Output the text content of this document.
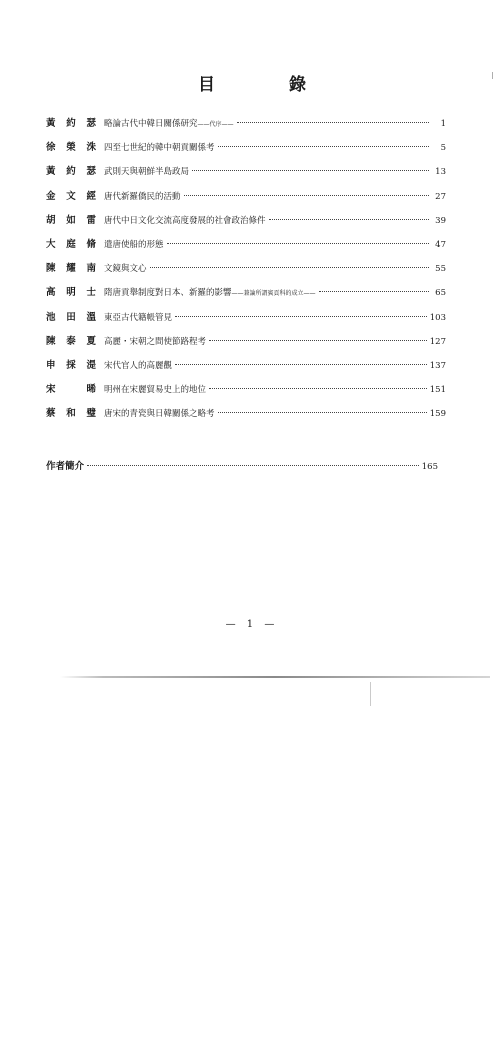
目 錄
黃 約 瑟 略論古代中韓日關係研究——代序——	1
徐 榮 洙 四至七世紀的韓中朝貢關係考	5
黃 約 瑟 武則天與朝鮮半島政局	13
金 文 經 唐代新羅僑民的活動	27
胡 如 雷 唐代中日文化交流高度發展的社會政治條件	39
大 庭 脩 遣唐使船的形態	47
陳 耀 南 文鏡與文心	55
高 明 士 隋唐貢舉制度對日本、新羅的影響——兼論所謂賓貢科的成立——	65
池 田 溫 東亞古代籍帳管見	103
陳 泰 夏 高麗・宋朝之間使節路程考	127
申 採 湜 宋代官人的高麗觀	137
宋	晞 明州在宋麗貿易史上的地位	151
蔡 和 璧 唐宋的青瓷與日韓關係之略考	159
作者簡介	165
— 1 —
